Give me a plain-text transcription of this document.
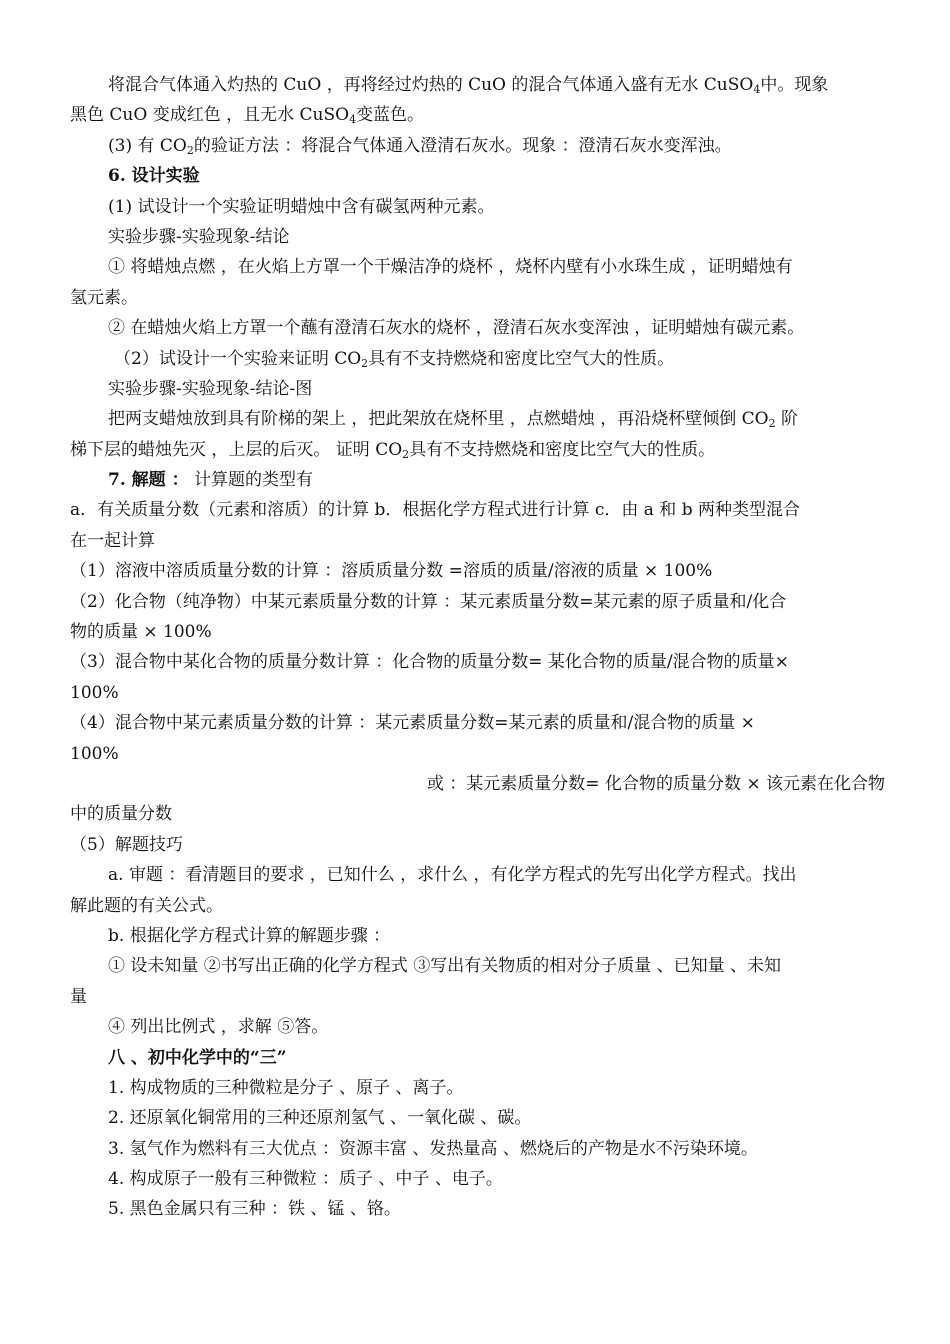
将混合气体通入灼热的 CuO ，再将经过灼热的 CuO 的混合气体通入盛有无水 CuSO$_4$中。现象
黑色 CuO 变成红色 ，且无水 CuSO$_4$变蓝色。
(3) 有 $CO_2$的验证方法 ：将混合气体通入澄清石灰水。现象 ：澄清石灰水变浑浊。
6. 设计实验
(1) 试设计一个实验证明蜡烛中含有碳氢两种元素。
实验步骤-实验现象-结论
① 将蜡烛点燃 ，在火焰上方罩一个干燥洁净的烧杯 ，烧杯内壁有小水珠生成 ，证明蜡烛有
氢元素。
② 在蜡烛火焰上方罩一个蘸有澄清石灰水的烧杯 ，澄清石灰水变浑浊 ，证明蜡烛有碳元素。
（2）试设计一个实验来证明 $CO_2$具有不支持燃烧和密度比空气大的性质。
实验步骤-实验现象-结论-图
把两支蜡烛放到具有阶梯的架上 ，把此架放在烧杯里 ，点燃蜡烛 ，再沿烧杯壁倾倒 $CO_2$ 阶
梯下层的蜡烛先灭 ，上层的后灭。 证明 $CO_2$具有不支持燃烧和密度比空气大的性质。
7. 解题 ： 计算题的类型有
a．有关质量分数（元素和溶质）的计算 b．根据化学方程式进行计算 c．由 a 和 b 两种类型混合
在一起计算
（1）溶液中溶质质量分数的计算 ：溶质质量分数 =溶质的质量/溶液的质量 × 100%
（2）化合物（纯净物）中某元素质量分数的计算 ：某元素质量分数=某元素的原子质量和/化合
物的质量 × 100%
（3）混合物中某化合物的质量分数计算 ：化合物的质量分数= 某化合物的质量/混合物的质量×
100%
（4）混合物中某元素质量分数的计算 ：某元素质量分数=某元素的质量和/混合物的质量 ×
100%
或 ：某元素质量分数= 化合物的质量分数 × 该元素在化合物
中的质量分数
（5）解题技巧
a. 审题 ：看清题目的要求 ，已知什么 ，求什么 ，有化学方程式的先写出化学方程式。找出
解此题的有关公式。
b. 根据化学方程式计算的解题步骤 ：
① 设未知量 ②书写出正确的化学方程式 ③写出有关物质的相对分子质量 、已知量 、未知
量
④ 列出比例式 ，求解 ⑤答。
八 、初中化学中的“三”
1. 构成物质的三种微粒是分子 、原子 、离子。
2. 还原氧化铜常用的三种还原剂氢气 、一氧化碳 、碳。
3. 氢气作为燃料有三大优点 ：资源丰富 、发热量高 、燃烧后的产物是水不污染环境。
4. 构成原子一般有三种微粒 ：质子 、中子 、电子。
5. 黑色金属只有三种 ：铁 、锰 、铬。
